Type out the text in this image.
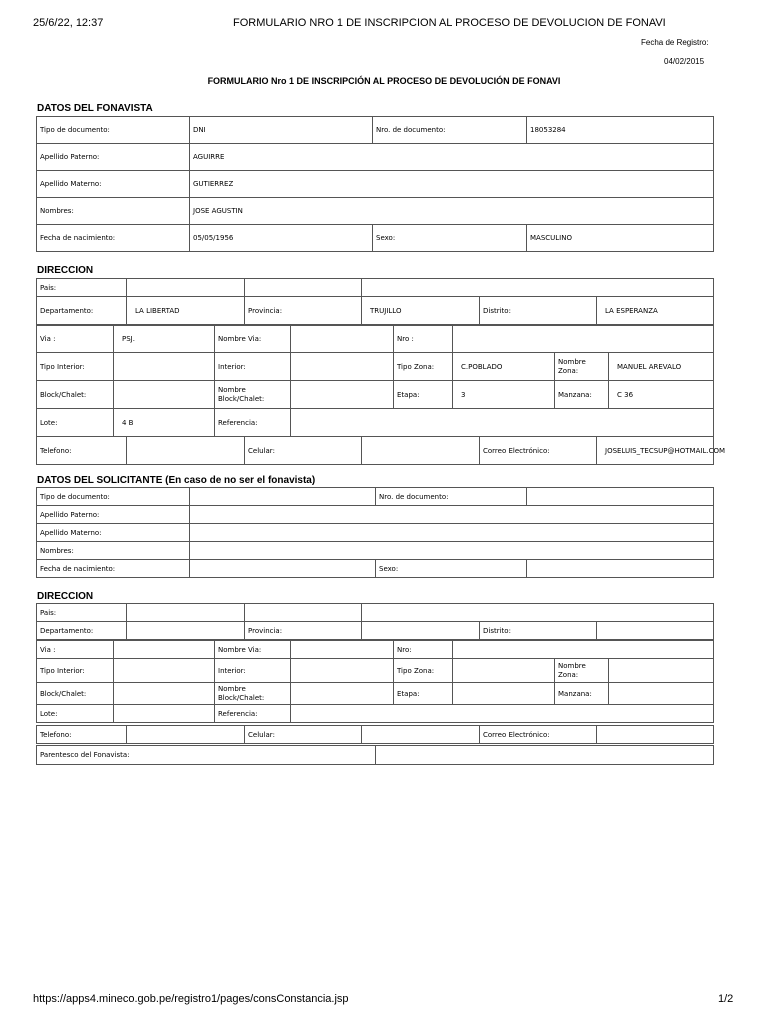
25/6/22, 12:37	FORMULARIO NRO 1 DE INSCRIPCION AL PROCESO DE DEVOLUCION DE FONAVI
Fecha de Registro:
04/02/2015
FORMULARIO Nro 1 DE INSCRIPCIÓN AL PROCESO DE DEVOLUCIÓN DE FONAVI
DATOS DEL FONAVISTA
Tipo de documento:	DNI	Nro. de documento:	18053284
Apellido Paterno:	AGUIRRE		
Apellido Materno:	GUTIERREZ		
Nombres:	JOSE AGUSTIN		
Fecha de nacimiento:	05/05/1956	Sexo:	MASCULINO
DIRECCION
Pais:					
Departamento:	LA LIBERTAD	Provincia:	TRUJILLO	Distrito:	LA ESPERANZA
Via :	PSJ.	Nombre Via:		Nro :			
Tipo Interior:		Interior:		Tipo Zona:	C.POBLADO	Nombre Zona:	MANUEL AREVALO
Block/Chalet:		Nombre Block/Chalet:		Etapa:	3	Manzana:	C 36
Lote:	4 B	Referencia:					
Telefono:		Celular:		Correo Electrónico:	JOSELUIS_TECSUP@HOTMAIL.COM
DATOS DEL SOLICITANTE (En caso de no ser el fonavista)
Tipo de documento:		Nro. de documento:	
Apellido Paterno:			
Apellido Materno:			
Nombres:			
Fecha de nacimiento:		Sexo:	
DIRECCION
Pais:					
Departamento:		Provincia:		Distrito:	
Via :		Nombre Via:		Nro:			
Tipo Interior:		Interior:		Tipo Zona:		Nombre Zona:	
Block/Chalet:		Nombre Block/Chalet:		Etapa:		Manzana:	
Lote:		Referencia:					
Telefono:		Celular:		Correo Electrónico:	
Parentesco del Fonavista:	
https://apps4.mineco.gob.pe/registro1/pages/consConstancia.jsp	1/2
